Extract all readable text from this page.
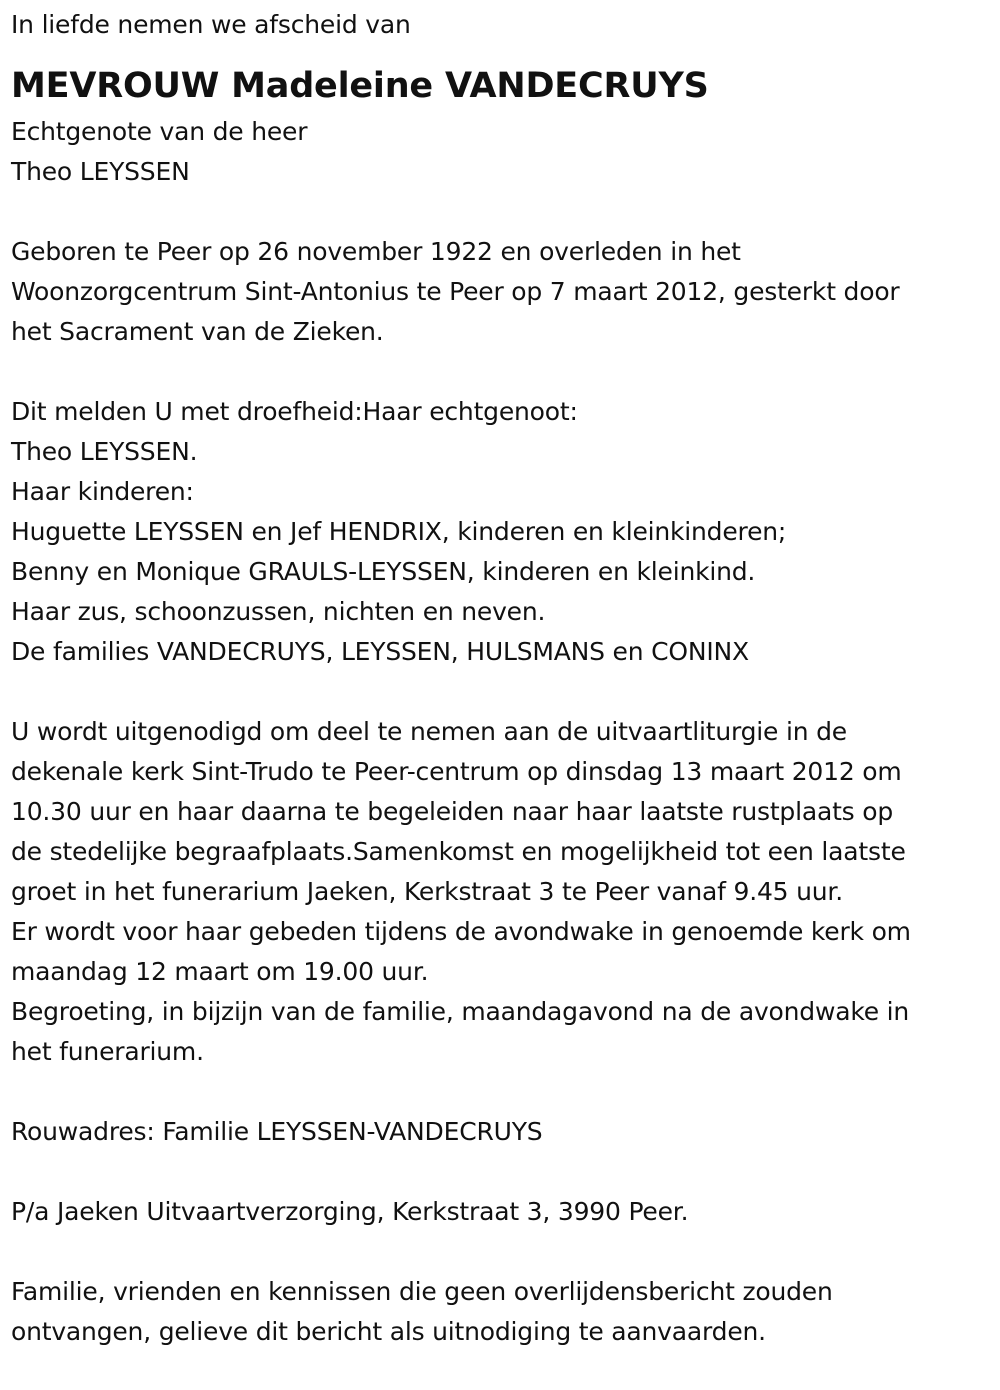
In liefde nemen we afscheid van
MEVROUW Madeleine VANDECRUYS
Echtgenote van de heer
Theo LEYSSEN
Geboren te Peer op 26 november 1922 en overleden in het
Woonzorgcentrum Sint-Antonius te Peer op 7 maart 2012, gesterkt door
het Sacrament van de Zieken.
Dit melden U met droefheid:Haar echtgenoot:
Theo LEYSSEN.
Haar kinderen:
Huguette LEYSSEN en Jef HENDRIX, kinderen en kleinkinderen;
Benny en Monique GRAULS-LEYSSEN, kinderen en kleinkind.
Haar zus, schoonzussen, nichten en neven.
De families VANDECRUYS, LEYSSEN, HULSMANS en CONINX
U wordt uitgenodigd om deel te nemen aan de uitvaartliturgie in de
dekenale kerk Sint-Trudo te Peer-centrum op dinsdag 13 maart 2012 om
10.30 uur en haar daarna te begeleiden naar haar laatste rustplaats op
de stedelijke begraafplaats.Samenkomst en mogelijkheid tot een laatste
groet in het funerarium Jaeken, Kerkstraat 3 te Peer vanaf 9.45 uur.
Er wordt voor haar gebeden tijdens de avondwake in genoemde kerk om
maandag 12 maart om 19.00 uur.
Begroeting, in bijzijn van de familie, maandagavond na de avondwake in
het funerarium.
Rouwadres: Familie LEYSSEN-VANDECRUYS
P/a Jaeken Uitvaartverzorging, Kerkstraat 3, 3990 Peer.
Familie, vrienden en kennissen die geen overlijdensbericht zouden
ontvangen, gelieve dit bericht als uitnodiging te aanvaarden.
